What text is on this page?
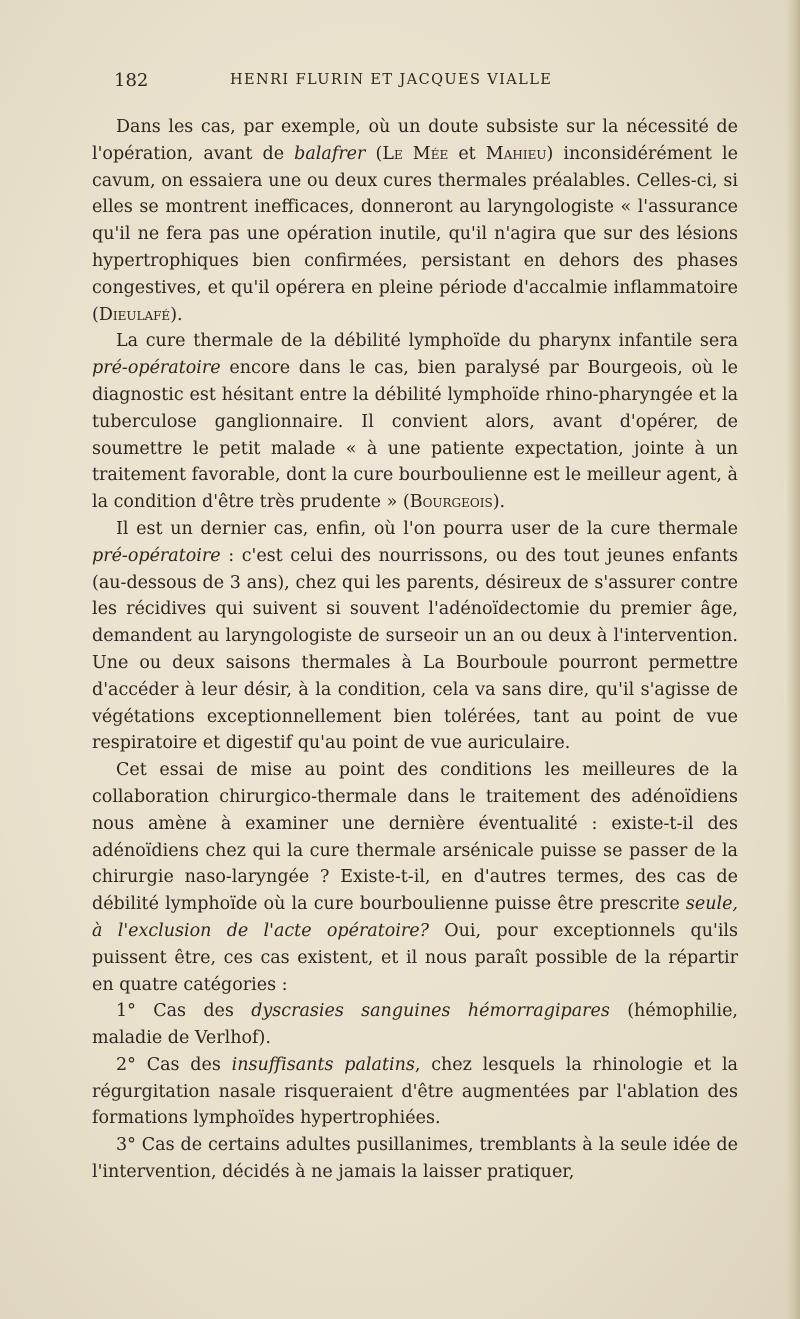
182	HENRI FLURIN ET JACQUES VIALLE

Dans les cas, par exemple, où un doute subsiste sur la nécessité de l'opération, avant de balafrer (Le Mée et Mahieu) inconsidérément le cavum, on essaiera une ou deux cures thermales préalables. Celles-ci, si elles se montrent inefficaces, donneront au laryngologiste « l'assurance qu'il ne fera pas une opération inutile, qu'il n'agira que sur des lésions hypertrophiques bien confirmées, persistant en dehors des phases congestives, et qu'il opérera en pleine période d'accalmie inflammatoire (Dieulafé).

La cure thermale de la débilité lymphoïde du pharynx infantile sera pré-opératoire encore dans le cas, bien paralysé par Bourgeois, où le diagnostic est hésitant entre la débilité lymphoïde rhino-pharyngée et la tuberculose ganglionnaire. Il convient alors, avant d'opérer, de soumettre le petit malade « à une patiente expectation, jointe à un traitement favorable, dont la cure bourboulienne est le meilleur agent, à la condition d'être très prudente » (Bourgeois).

Il est un dernier cas, enfin, où l'on pourra user de la cure thermale pré-opératoire : c'est celui des nourrissons, ou des tout jeunes enfants (au-dessous de 3 ans), chez qui les parents, désireux de s'assurer contre les récidives qui suivent si souvent l'adénoïdectomie du premier âge, demandent au laryngologiste de surseoir un an ou deux à l'intervention. Une ou deux saisons thermales à La Bourboule pourront permettre d'accéder à leur désir, à la condition, cela va sans dire, qu'il s'agisse de végétations exceptionnellement bien tolérées, tant au point de vue respiratoire et digestif qu'au point de vue auriculaire.

Cet essai de mise au point des conditions les meilleures de la collaboration chirurgico-thermale dans le traitement des adénoïdiens nous amène à examiner une dernière éventualité : existe-t-il des adénoïdiens chez qui la cure thermale arsénicale puisse se passer de la chirurgie naso-laryngée ? Existe-t-il, en d'autres termes, des cas de débilité lymphoïde où la cure bourboulienne puisse être prescrite seule, à l'exclusion de l'acte opératoire? Oui, pour exceptionnels qu'ils puissent être, ces cas existent, et il nous paraît possible de la répartir en quatre catégories :

1° Cas des dyscrasies sanguines hémorragipares (hémophilie, maladie de Verlhof).

2° Cas des insuffisants palatins, chez lesquels la rhinologie et la régurgitation nasale risqueraient d'être augmentées par l'ablation des formations lymphoïdes hypertrophiées.

3° Cas de certains adultes pusillanimes, tremblants à la seule idée de l'intervention, décidés à ne jamais la laisser pratiquer,
